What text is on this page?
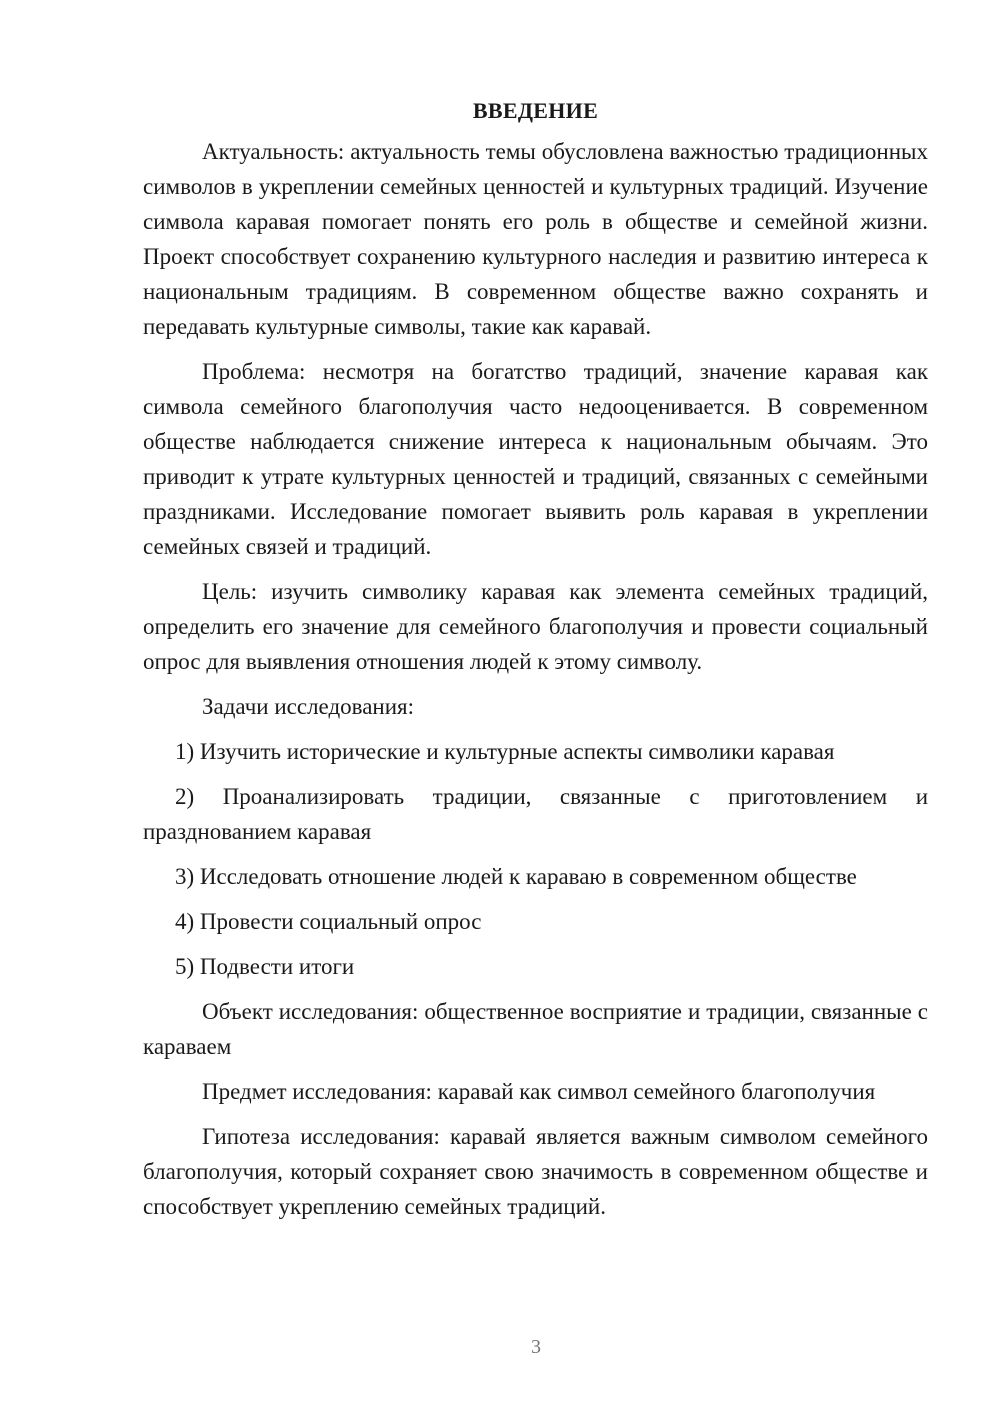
ВВЕДЕНИЕ

Актуальность: актуальность темы обусловлена важностью традиционных символов в укреплении семейных ценностей и культурных традиций. Изучение символа каравая помогает понять его роль в обществе и семейной жизни. Проект способствует сохранению культурного наследия и развитию интереса к национальным традициям. В современном обществе важно сохранять и передавать культурные символы, такие как каравай.

Проблема: несмотря на богатство традиций, значение каравая как символа семейного благополучия часто недооценивается. В современном обществе наблюдается снижение интереса к национальным обычаям. Это приводит к утрате культурных ценностей и традиций, связанных с семейными праздниками. Исследование помогает выявить роль каравая в укреплении семейных связей и традиций.

Цель: изучить символику каравая как элемента семейных традиций, определить его значение для семейного благополучия и провести социальный опрос для выявления отношения людей к этому символу.

Задачи исследования:

1) Изучить исторические и культурные аспекты символики каравая

2) Проанализировать традиции, связанные с приготовлением и празднованием каравая

3) Исследовать отношение людей к караваю в современном обществе

4) Провести социальный опрос

5) Подвести итоги

Объект исследования: общественное восприятие и традиции, связанные с караваем

Предмет исследования: каравай как символ семейного благополучия

Гипотеза исследования: каравай является важным символом семейного благополучия, который сохраняет свою значимость в современном обществе и способствует укреплению семейных традиций.

3
